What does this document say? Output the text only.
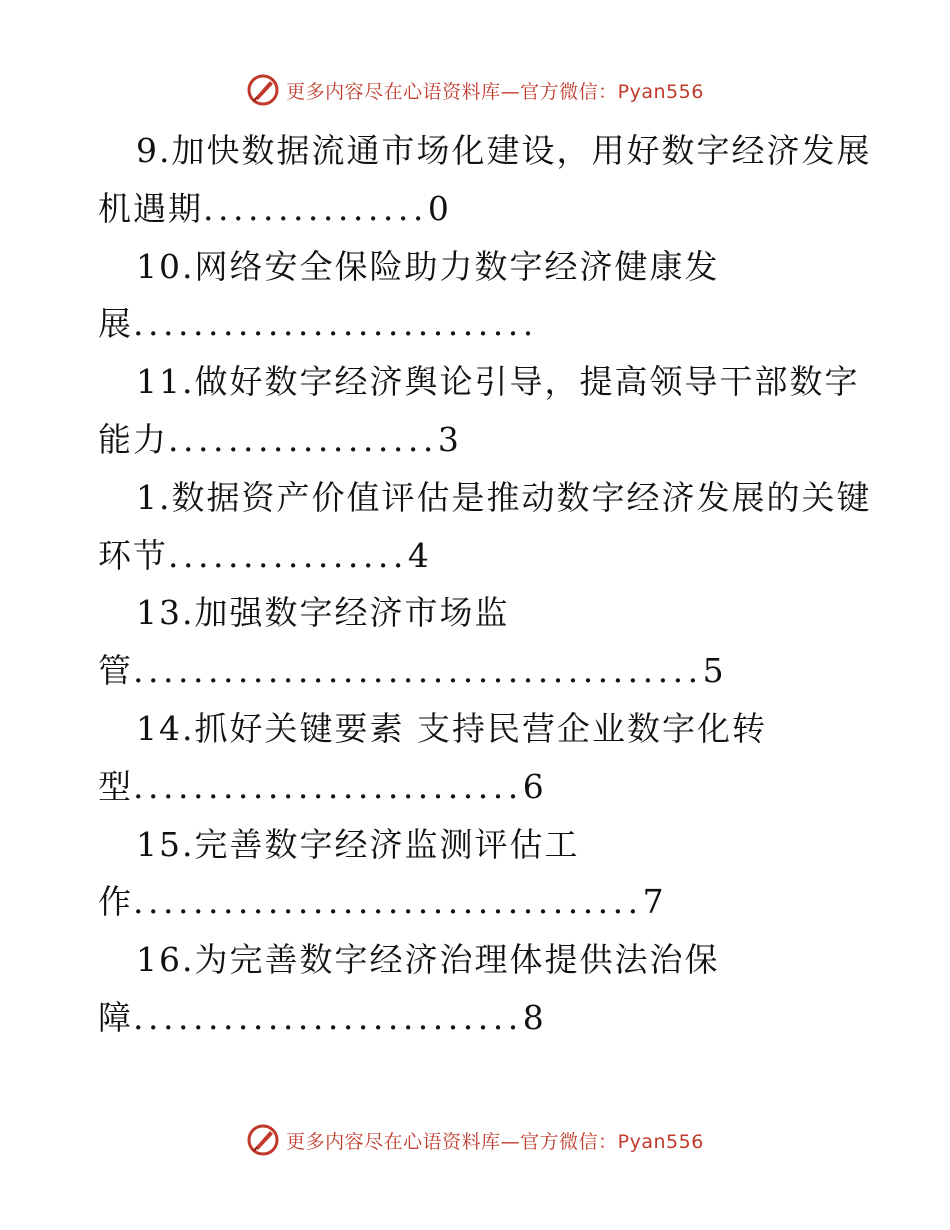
更多内容尽在心语资料库—官方微信：Pyan556
9.加快数据流通市场化建设，用好数字经济发展
机遇期...............0
10.网络安全保险助力数字经济健康发
展...........................
11.做好数字经济舆论引导，提高领导干部数字
能力..................3
1.数据资产价值评估是推动数字经济发展的关键
环节................4
13.加强数字经济市场监
管......................................5
14.抓好关键要素 支持民营企业数字化转
型..........................6
15.完善数字经济监测评估工
作..................................7
16.为完善数字经济治理体提供法治保
障..........................8
更多内容尽在心语资料库—官方微信：Pyan556
